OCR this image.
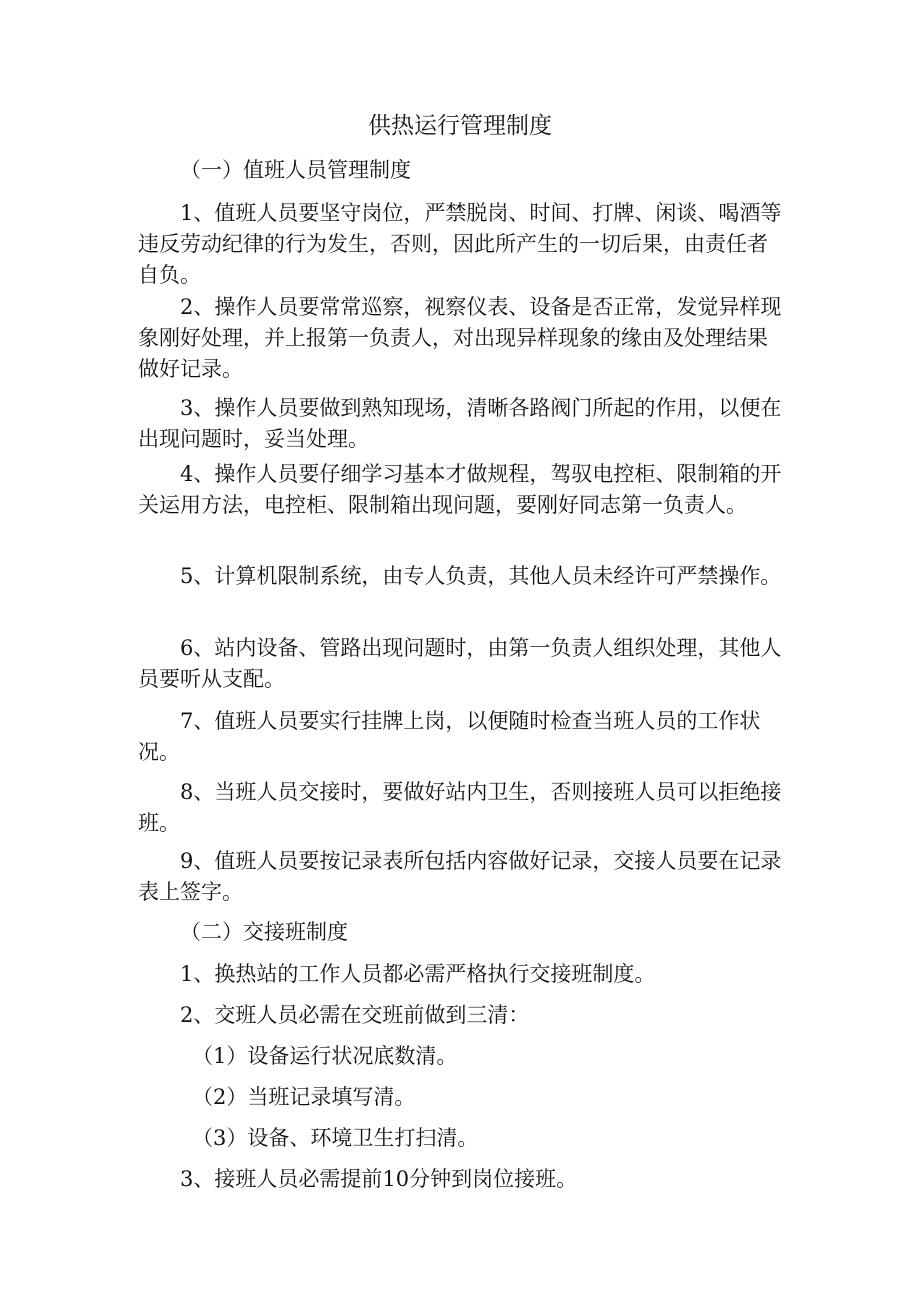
供热运行管理制度

（一）值班人员管理制度

1、值班人员要坚守岗位，严禁脱岗、时间、打牌、闲谈、喝酒等违反劳动纪律的行为发生，否则，因此所产生的一切后果，由责任者自负。

2、操作人员要常常巡察，视察仪表、设备是否正常，发觉异样现象刚好处理，并上报第一负责人，对出现异样现象的缘由及处理结果做好记录。

3、操作人员要做到熟知现场，清晰各路阀门所起的作用，以便在出现问题时，妥当处理。

4、操作人员要仔细学习基本才做规程，驾驭电控柜、限制箱的开关运用方法，电控柜、限制箱出现问题，要刚好同志第一负责人。

5、计算机限制系统，由专人负责，其他人员未经许可严禁操作。

6、站内设备、管路出现问题时，由第一负责人组织处理，其他人员要听从支配。

7、值班人员要实行挂牌上岗，以便随时检查当班人员的工作状况。

8、当班人员交接时，要做好站内卫生，否则接班人员可以拒绝接班。

9、值班人员要按记录表所包括内容做好记录，交接人员要在记录表上签字。

（二）交接班制度

1、换热站的工作人员都必需严格执行交接班制度。

2、交班人员必需在交班前做到三清：

（1）设备运行状况底数清。

（2）当班记录填写清。

（3）设备、环境卫生打扫清。

3、接班人员必需提前10分钟到岗位接班。
